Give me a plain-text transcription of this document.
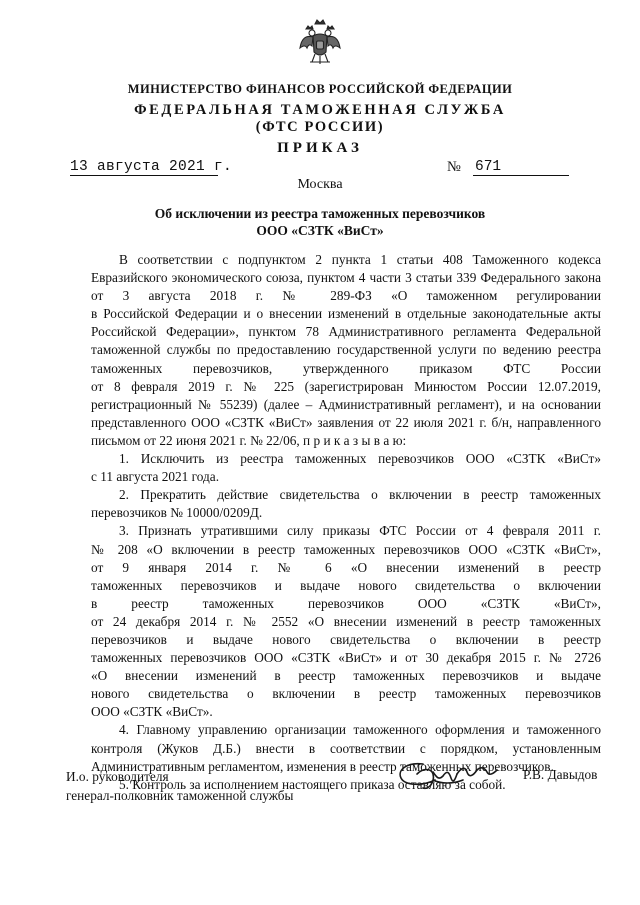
МИНИСТЕРСТВО ФИНАНСОВ РОССИЙСКОЙ ФЕДЕРАЦИИ
ФЕДЕРАЛЬНАЯ ТАМОЖЕННАЯ СЛУЖБА
(ФТС РОССИИ)
ПРИКАЗ
13 августа 2021 г.	№ 671
Москва
Об исключении из реестра таможенных перевозчиков
ООО «СЗТК «ВиСт»
В соответствии с подпунктом 2 пункта 1 статьи 408 Таможенного кодекса
Евразийского экономического союза, пунктом 4 части 3 статьи 339 Федерального закона
от 3 августа 2018 г. № 289-ФЗ «О таможенном регулировании
в Российской Федерации и о внесении изменений в отдельные законодательные акты
Российской Федерации», пунктом 78 Административного регламента Федеральной
таможенной службы по предоставлению государственной услуги по ведению реестра
таможенных перевозчиков, утвержденного приказом ФТС России
от 8 февраля 2019 г. № 225 (зарегистрирован Минюстом России 12.07.2019,
регистрационный № 55239) (далее – Административный регламент), и на основании
представленного ООО «СЗТК «ВиСт» заявления от 22 июля 2021 г. б/н, направленного
письмом от 22 июня 2021 г. № 22/06, п р и к а з ы в а ю:
1. Исключить из реестра таможенных перевозчиков ООО «СЗТК «ВиСт»
с 11 августа 2021 года.
2. Прекратить действие свидетельства о включении в реестр таможенных
перевозчиков № 10000/0209Д.
3. Признать утратившими силу приказы ФТС России от 4 февраля 2011 г.
№ 208 «О включении в реестр таможенных перевозчиков ООО «СЗТК «ВиСт»,
от 9 января 2014 г. № 6 «О внесении изменений в реестр
таможенных перевозчиков и выдаче нового свидетельства о включении
в реестр таможенных перевозчиков ООО «СЗТК «ВиСт»,
от 24 декабря 2014 г. № 2552 «О внесении изменений в реестр таможенных
перевозчиков и выдаче нового свидетельства о включении в реестр
таможенных перевозчиков ООО «СЗТК «ВиСт» и от 30 декабря 2015 г. № 2726
«О внесении изменений в реестр таможенных перевозчиков и выдаче
нового свидетельства о включении в реестр таможенных перевозчиков
ООО «СЗТК «ВиСт».
4. Главному управлению организации таможенного оформления и таможенного
контроля (Жуков Д.Б.) внести в соответствии с порядком, установленным
Административным регламентом, изменения в реестр таможенных перевозчиков.
5. Контроль за исполнением настоящего приказа оставляю за собой.
И.о. руководителя
генерал-полковник таможенной службы
Р.В. Давыдов
